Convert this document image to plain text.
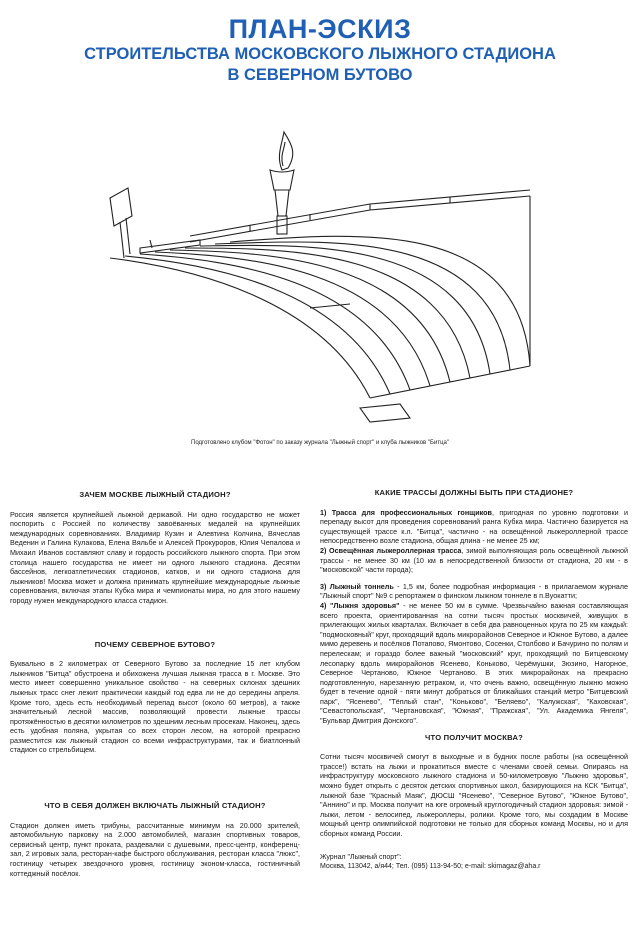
ПЛАН-ЭСКИЗ
СТРОИТЕЛЬСТВА МОСКОВСКОГО ЛЫЖНОГО СТАДИОНА
В СЕВЕРНОМ БУТОВО
Подготовлено клубом "Фотон" по заказу журнала "Лыжный спорт" и клуба лыжников "Битца"
ЗАЧЕМ МОСКВЕ ЛЫЖНЫЙ СТАДИОН?

Россия является крупнейшей лыжной державой. Ни одно государство не может поспорить с Россией по количеству завоёванных медалей на крупнейших международных соревнованиях. Владимир Кузин и Алевтина Колчина, Вячеслав Веденин и Галина Кулакова, Елена Вяльбе и Алексей Прокуроров, Юлия Чепалова и Михаил Иванов составляют славу и гордость российского лыжного спорта. При этом столица нашего государства не имеет ни одного лыжного стадиона. Десятки бассейнов, легкоатлетических стадионов, катков, и ни одного стадиона для лыжников! Москва может и должна принимать крупнейшие международные лыжные соревнования, включая этапы Кубка мира и чемпионаты мира, но для этого нашему городу нужен международного класса стадион.

ПОЧЕМУ СЕВЕРНОЕ БУТОВО?

Буквально в 2 километрах от Северного Бутово за последние 15 лет клубом лыжников "Битца" обустроена и обихожена лучшая лыжная трасса в г. Москве. Это место имеет совершенно уникальное свойство - на северных склонах здешних лыжных трасс снег лежит практически каждый год едва ли не до середины апреля. Кроме того, здесь есть необходимый перепад высот (около 60 метров), а также значительный лесной массив, позволяющий провести лыжные трассы протяжённостью в десятки километров по здешним лесным просекам. Наконец, здесь есть удобная поляна, укрытая со всех сторон лесом, на которой прекрасно разместится как лыжный стадион со всеми инфраструктурами, так и биатлонный стадион со стрельбищем.

ЧТО В СЕБЯ ДОЛЖЕН ВКЛЮЧАТЬ ЛЫЖНЫЙ СТАДИОН?

Стадион должен иметь трибуны, рассчитанные минимум на 20.000 зрителей, автомобильную парковку на 2.000 автомобилей, магазин спортивных товаров, сервисный центр, пункт проката, раздевалки с душевыми, пресс-центр, конференц-зал, 2 игровых зала, ресторан-кафе быстрого обслуживания, ресторан класса "люкс", гостиницу четырех звездочного уровня, гостиницу эконом-класса, гостиничный коттеджный посёлок.

КАКИЕ ТРАССЫ ДОЛЖНЫ БЫТЬ ПРИ СТАДИОНЕ?

1) Трасса для профессиональных гонщиков, пригодная по уровню подготовки и перепаду высот для проведения соревнований ранга Кубка мира. Частично базируется на существующей трассе к.л. "Битца", частично - на освещённой лыжероллерной трассе непосредственно возле стадиона, общая длина - не менее 25 км;

2) Освещённая лыжероллерная трасса, зимой выполняющая роль освещённой лыжной трассы - не менее 30 км (10 км в непосредственной близости от стадиона, 20 км - в "московской" части города);

3) Лыжный тоннель - 1,5 км, более подробная информация - в прилагаемом журнале "Лыжный спорт" №9 с репортажем о финском лыжном тоннеле в п.Вуокатти;

4) "Лыжня здоровья" - не менее 50 км в сумме. Чрезвычайно важная составляющая всего проекта, ориентированная на сотни тысяч простых москвичей, живущих в прилегающих жилых кварталах. Включает в себя два равноценных круга по 25 км каждый: "подмосковный" круг, проходящий вдоль микрорайонов Северное и Южное Бутово, а далее мимо деревень и посёлков Потапово, Ямонтово, Сосенки, Столбово и Бачурино по полям и перелескам; и гораздо более важный "московский" круг, проходящий по Битцевскому лесопарку вдоль микрорайонов Ясенево, Коньково, Черёмушки, Зюзино, Нагорное, Северное Чертаново, Южное Чертаново. В этих микрорайонах на прекрасно подготовленную, нарезанную ретраком, и, что очень важно, освещённую лыжню можно будет в течение одной - пяти минут добраться от ближайших станций метро "Битцевский парк", "Ясенево", "Тёплый стан", "Коньково", "Беляево", "Калужская", "Каховская", "Севастопольская", "Чертановская", "Южная", "Пражская", "Ул. Академика Янгеля", "Бульвар Дмитрия Донского".

ЧТО ПОЛУЧИТ МОСКВА?

Сотни тысяч москвичей смогут в выходные и в будних после работы (на освещённой трассе!) встать на лыжи и прокатиться вместе с членами своей семьи. Опираясь на инфраструктуру московского лыжного стадиона и 50-километровую "Лыжню здоровья", можно будет открыть с десяток детских спортивных школ, базирующихся на КСК "Битца", лыжной базе "Красный Маяк", ДЮСШ "Ясенево", "Северное Бутово", "Южное Бутово", "Аннино" и пр. Москва получит на юге огромный круглогодичный стадион здоровья: зимой - лыжи, летом - велосипед, лыжероллеры, ролики. Кроме того, мы создадим в Москве мощный центр олимпийской подготовки не только для сборных команд Москвы, но и для сборных команд России.

Журнал "Лыжный спорт":
Москва, 113042, а/я44; Тел. (095) 113-94-50; e-mail: skimagaz@aha.r
